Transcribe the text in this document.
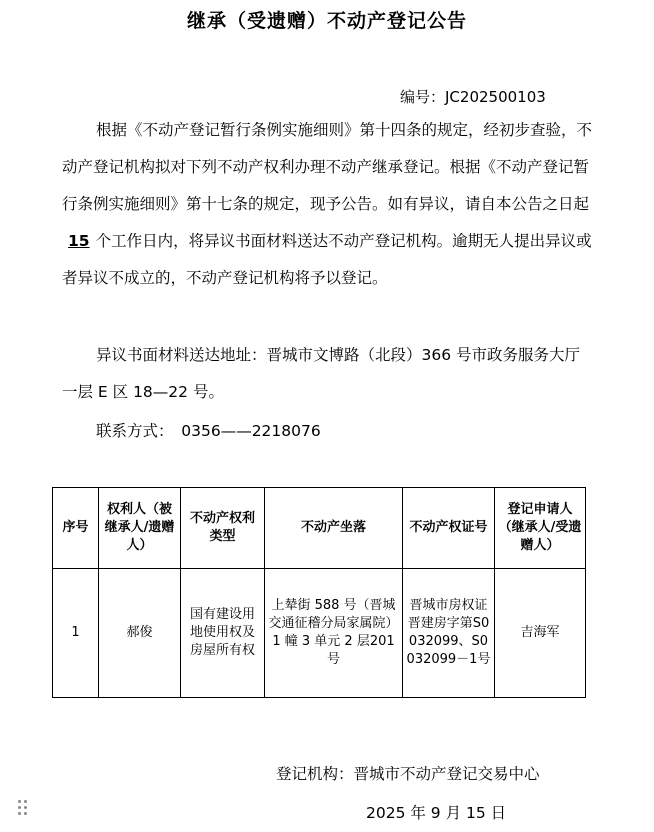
继承（受遗赠）不动产登记公告
编号：JC202500103

根据《不动产登记暂行条例实施细则》第十四条的规定，经初步查验，不动产登记机构拟对下列不动产权利办理不动产继承登记。根据《不动产登记暂行条例实施细则》第十七条的规定，现予公告。如有异议，请自本公告之日起15 个工作日内，将异议书面材料送达不动产登记机构。逾期无人提出异议或者异议不成立的，不动产登记机构将予以登记。

异议书面材料送达地址：晋城市文博路（北段）366 号市政务服务大厅一层 E 区 18—22 号。

联系方式：　0356——2218076

序号	权利人（被继承人/遗赠人）	不动产权利类型	不动产坐落	不动产权证号	登记申请人（继承人/受遗赠人）
1	郝俊	国有建设用地使用权及房屋所有权	上辇街 588 号（晋城交通征稽分局家属院）1 幢 3 单元 2 层201 号	晋城市房权证晋建房字第S0032099、S0032099－1号	吉海军
登记机构：晋城市不动产登记交易中心
2025 年 9 月 15 日
